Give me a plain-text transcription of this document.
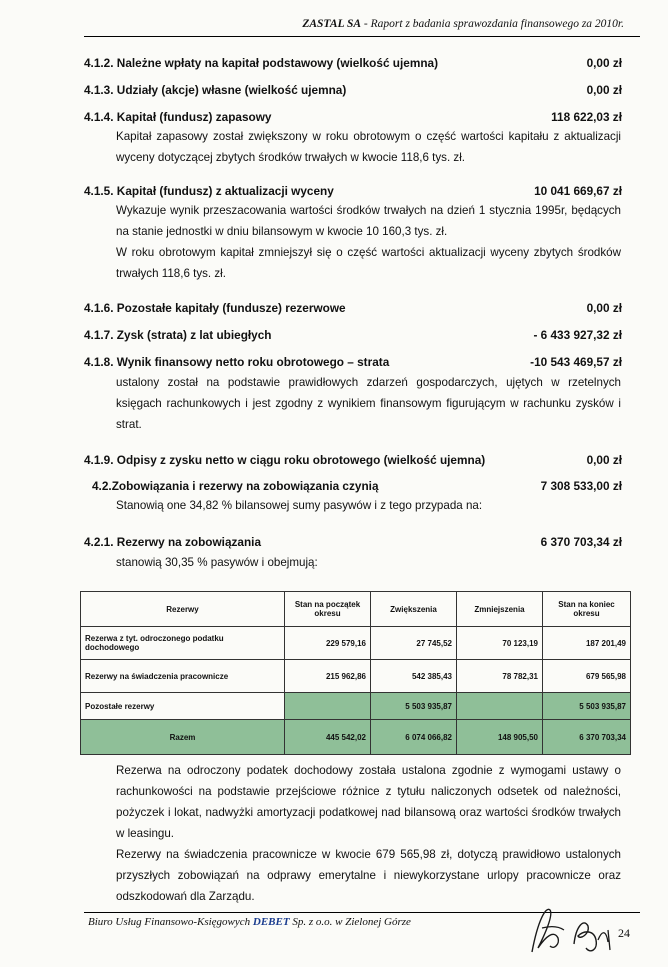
ZASTAL SA - Raport z badania sprawozdania finansowego za 2010r.
4.1.2. Należne wpłaty na kapitał podstawowy (wielkość ujemna)	0,00 zł
4.1.3. Udziały (akcje) własne (wielkość ujemna)	0,00 zł
4.1.4. Kapitał (fundusz) zapasowy	118 622,03 zł

Kapitał zapasowy został zwiększony w roku obrotowym o część wartości kapitału z aktualizacji wyceny dotyczącej zbytych środków trwałych w kwocie 118,6 tys. zł.

4.1.5. Kapitał (fundusz) z aktualizacji wyceny	10 041 669,67 zł

Wykazuje wynik przeszacowania wartości środków trwałych na dzień 1 stycznia 1995r, będących na stanie jednostki w dniu bilansowym w kwocie 10 160,3 tys. zł.

W roku obrotowym kapitał zmniejszył się o część wartości aktualizacji wyceny zbytych środków trwałych 118,6 tys. zł.

4.1.6. Pozostałe kapitały (fundusze) rezerwowe	0,00 zł
4.1.7. Zysk (strata) z lat ubiegłych	- 6 433 927,32 zł
4.1.8. Wynik finansowy netto roku obrotowego – strata	-10 543 469,57 zł

ustalony został na podstawie prawidłowych zdarzeń gospodarczych, ujętych w rzetelnych księgach rachunkowych i jest zgodny z wynikiem finansowym figurującym w rachunku zysków i strat.

4.1.9. Odpisy z zysku netto w ciągu roku obrotowego (wielkość ujemna)	0,00 zł
4.2.Zobowiązania i rezerwy na zobowiązania czynią	7 308 533,00 zł

Stanowią one 34,82 % bilansowej sumy pasywów i z tego przypada na:

4.2.1. Rezerwy na zobowiązania	6 370 703,34 zł

stanowią 30,35 % pasywów i obejmują:

Rezerwy	Stan na początek okresu	Zwiększenia	Zmniejszenia	Stan na koniec okresu
Rezerwa z tyt. odroczonego podatku dochodowego	229 579,16	27 745,52	70 123,19	187 201,49
Rezerwy na świadczenia pracownicze	215 962,86	542 385,43	78 782,31	679 565,98
Pozostałe rezerwy		5 503 935,87		5 503 935,87
Razem	445 542,02	6 074 066,82	148 905,50	6 370 703,34

Rezerwa na odroczony podatek dochodowy została ustalona zgodnie z wymogami ustawy o rachunkowości na podstawie przejściowe różnice z tytułu naliczonych odsetek od należności, pożyczek i lokat, nadwyżki amortyzacji podatkowej nad bilansową oraz wartości środków trwałych w leasingu.

Rezerwy na świadczenia pracownicze w kwocie 679 565,98 zł, dotyczą prawidłowo ustalonych przyszłych zobowiązań na odprawy emerytalne i niewykorzystane urlopy pracownicze oraz odszkodowań dla Zarządu.

Biuro Usług Finansowo-Księgowych DEBET Sp. z o.o. w Zielonej Górze
24
